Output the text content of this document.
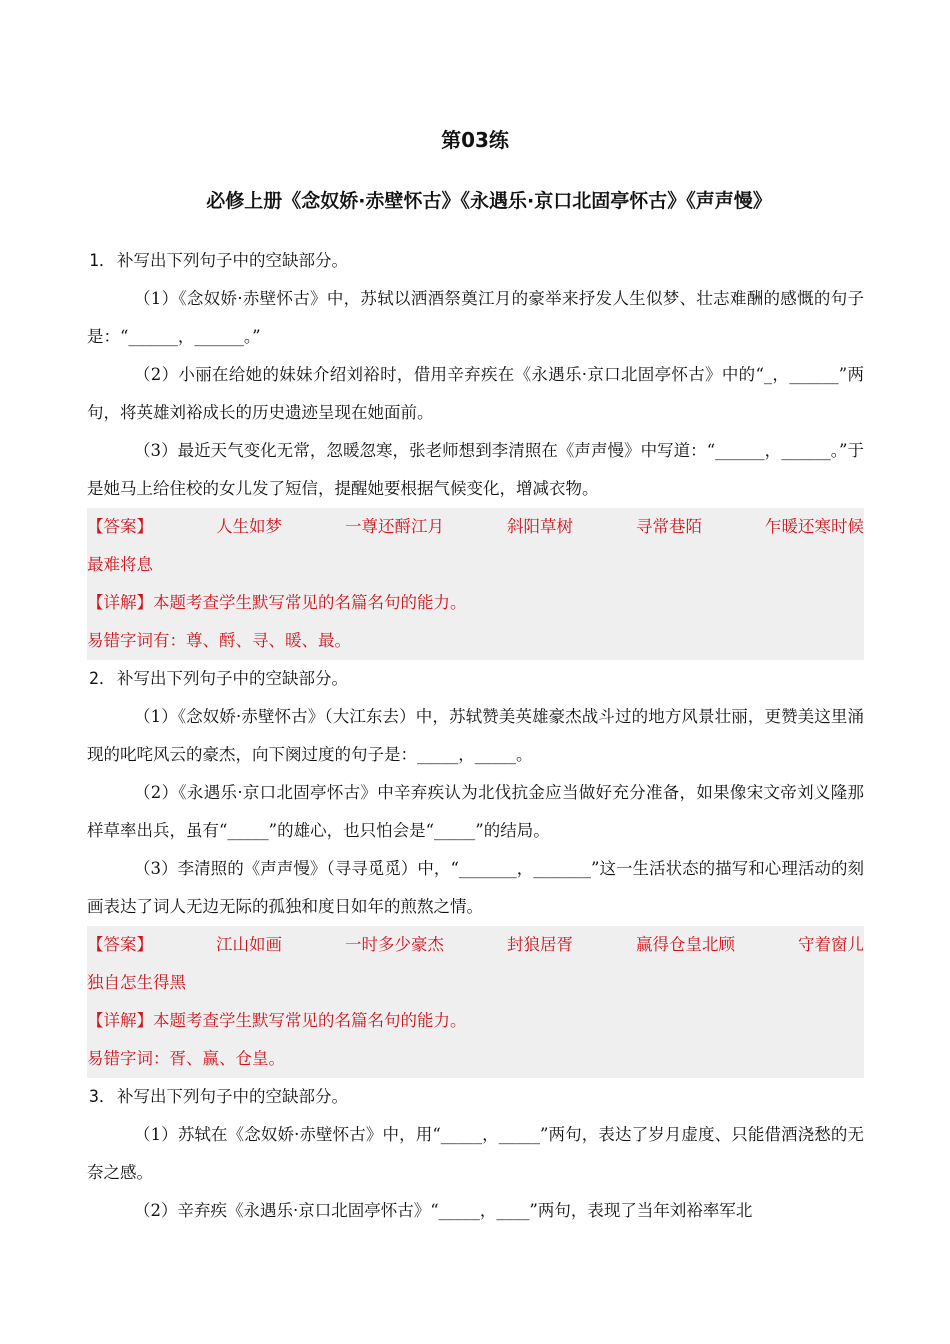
第03练
必修上册《念奴娇·赤壁怀古》《永遇乐·京口北固亭怀古》《声声慢》
1．补写出下列句子中的空缺部分。

（1）《念奴娇·赤壁怀古》中，苏轼以洒酒祭奠江月的豪举来抒发人生似梦、壮志难酬的感慨的句子是：“______，______。”

（2）小丽在给她的妹妹介绍刘裕时，借用辛弃疾在《永遇乐·京口北固亭怀古》中的“_，______”两句，将英雄刘裕成长的历史遗迹呈现在她面前。

（3）最近天气变化无常，忽暖忽寒，张老师想到李清照在《声声慢》中写道：“______，______。”于是她马上给住校的女儿发了短信，提醒她要根据气候变化，增减衣物。

【答案】	人生如梦	一尊还酹江月	斜阳草树	寻常巷陌	乍暖还寒时候
最难将息
【详解】本题考查学生默写常见的名篇名句的能力。
易错字词有：尊、酹、寻、暖、最。
2．补写出下列句子中的空缺部分。

（1）《念奴娇·赤壁怀古》（大江东去）中，苏轼赞美英雄豪杰战斗过的地方风景壮丽，更赞美这里涌现的叱咤风云的豪杰，向下阕过度的句子是：_____，_____。

（2）《永遇乐·京口北固亭怀古》中辛弃疾认为北伐抗金应当做好充分准备，如果像宋文帝刘义隆那样草率出兵，虽有“_____”的雄心，也只怕会是“_____”的结局。

（3）李清照的《声声慢》（寻寻觅觅）中，“_______，_______”这一生活状态的描写和心理活动的刻画表达了词人无边无际的孤独和度日如年的煎熬之情。

【答案】	江山如画	一时多少豪杰	封狼居胥	赢得仓皇北顾	守着窗儿
独自怎生得黑
【详解】本题考查学生默写常见的名篇名句的能力。
易错字词：胥、赢、仓皇。
3．补写出下列句子中的空缺部分。

（1）苏轼在《念奴娇·赤壁怀古》中，用“_____，_____”两句，表达了岁月虚度、只能借酒浇愁的无奈之感。

（2）辛弃疾《永遇乐·京口北固亭怀古》“_____，____”两句，表现了当年刘裕率军北
